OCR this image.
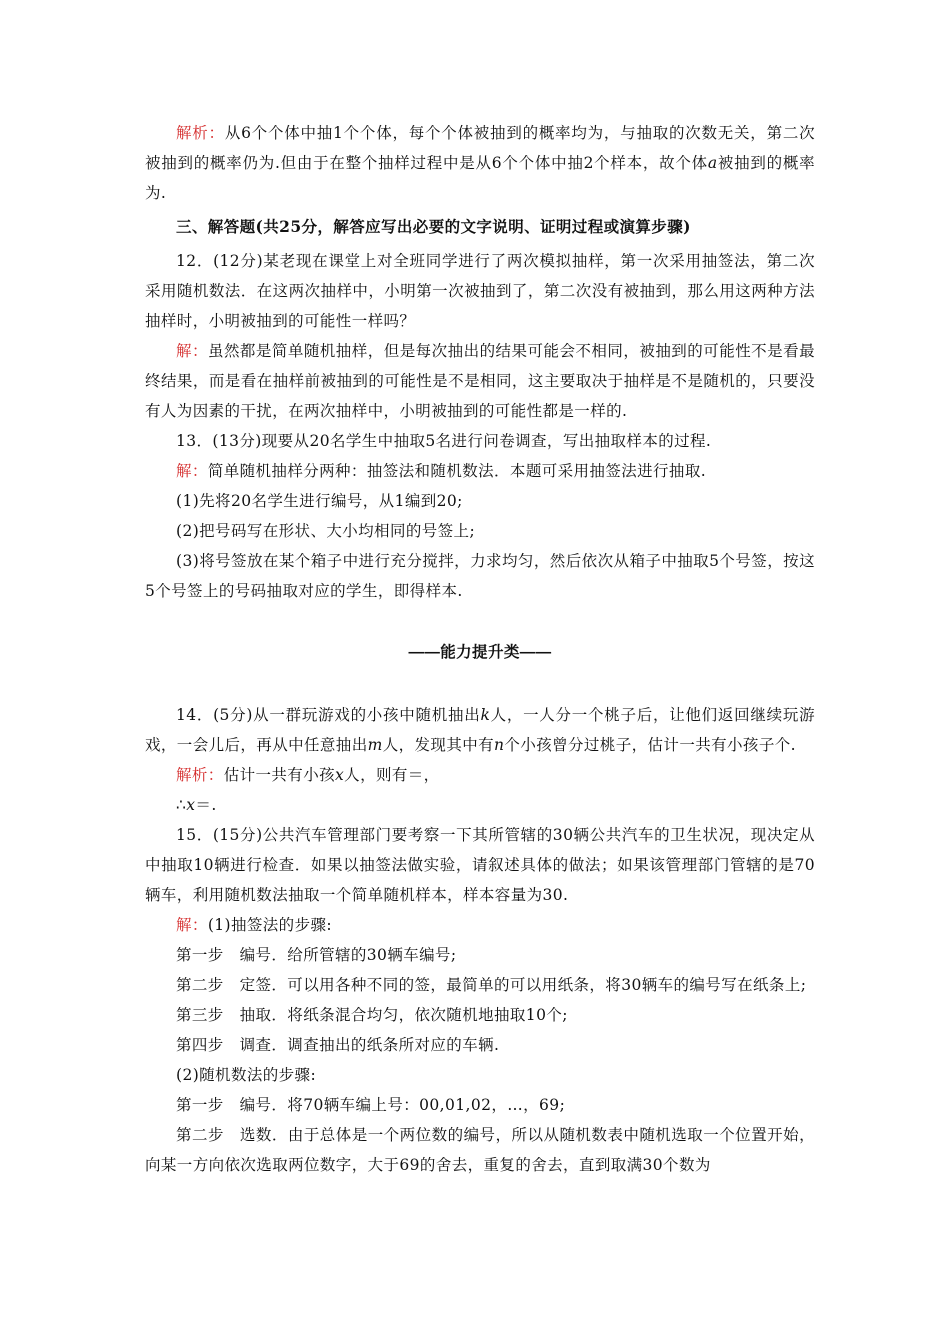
解析：从6个个体中抽1个个体，每个个体被抽到的概率均为，与抽取的次数无关，第二次被抽到的概率仍为.但由于在整个抽样过程中是从6个个体中抽2个样本，故个体a被抽到的概率为.

三、解答题(共25分，解答应写出必要的文字说明、证明过程或演算步骤)

12．(12分)某老现在课堂上对全班同学进行了两次模拟抽样，第一次采用抽签法，第二次采用随机数法．在这两次抽样中，小明第一次被抽到了，第二次没有被抽到，那么用这两种方法抽样时，小明被抽到的可能性一样吗？

解：虽然都是简单随机抽样，但是每次抽出的结果可能会不相同，被抽到的可能性不是看最终结果，而是看在抽样前被抽到的可能性是不是相同，这主要取决于抽样是不是随机的，只要没有人为因素的干扰，在两次抽样中，小明被抽到的可能性都是一样的.

13．(13分)现要从20名学生中抽取5名进行问卷调查，写出抽取样本的过程.

解：简单随机抽样分两种：抽签法和随机数法．本题可采用抽签法进行抽取.

(1)先将20名学生进行编号，从1编到20;

(2)把号码写在形状、大小均相同的号签上;

(3)将号签放在某个箱子中进行充分搅拌，力求均匀，然后依次从箱子中抽取5个号签，按这5个号签上的号码抽取对应的学生，即得样本.

——能力提升类——

14．(5分)从一群玩游戏的小孩中随机抽出k人，一人分一个桃子后，让他们返回继续玩游戏，一会儿后，再从中任意抽出m人，发现其中有n个小孩曾分过桃子，估计一共有小孩子个.

解析：估计一共有小孩x人，则有＝，

∴x＝.

15．(15分)公共汽车管理部门要考察一下其所管辖的30辆公共汽车的卫生状况，现决定从中抽取10辆进行检查．如果以抽签法做实验，请叙述具体的做法；如果该管理部门管辖的是70辆车，利用随机数法抽取一个简单随机样本，样本容量为30.

解：(1)抽签法的步骤:

第一步　编号．给所管辖的30辆车编号;

第二步　定签．可以用各种不同的签，最简单的可以用纸条，将30辆车的编号写在纸条上;

第三步　抽取．将纸条混合均匀，依次随机地抽取10个;

第四步　调查．调查抽出的纸条所对应的车辆.

(2)随机数法的步骤:

第一步　编号．将70辆车编上号：00,01,02，…，69;

第二步　选数．由于总体是一个两位数的编号，所以从随机数表中随机选取一个位置开始，向某一方向依次选取两位数字，大于69的舍去，重复的舍去，直到取满30个数为
